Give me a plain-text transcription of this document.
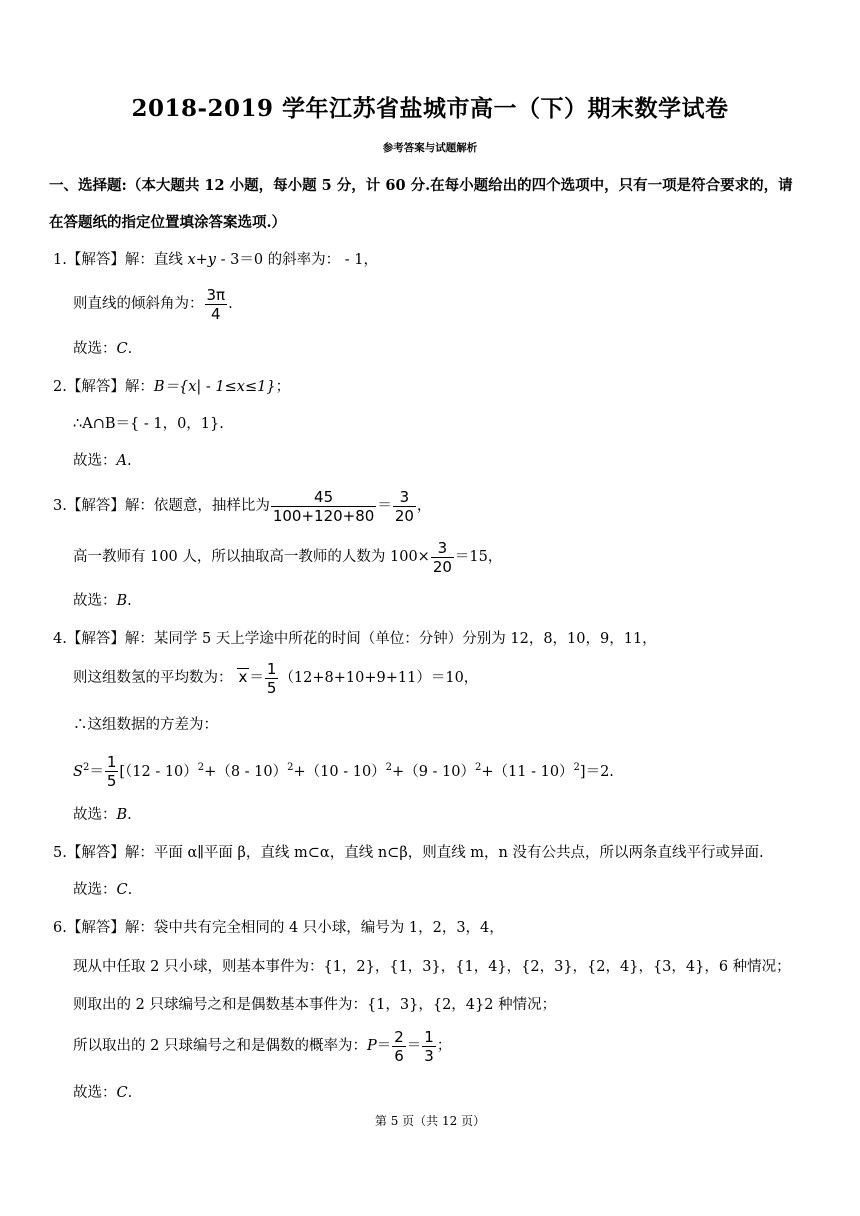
2018-2019 学年江苏省盐城市高一（下）期末数学试卷
参考答案与试题解析
一、选择题:（本大题共 12 小题，每小题 5 分，计 60 分.在每小题给出的四个选项中，只有一项是符合要求的，请
在答题纸的指定位置填涂答案选项.）
1.【解答】解：直线 x+y - 3＝0 的斜率为： - 1，
则直线的倾斜角为： $\frac{3\pi}{4}$ .
故选：C.
2.【解答】解：B＝{x| - 1≤x≤1}；
∴A∩B＝{ - 1，0，1}.
故选：A.
3.【解答】解：依题意，抽样比为 $\frac{45}{100+120+80} = \frac{3}{20}$ ，
高一教师有 100 人，所以抽取高一教师的人数为 $100\times \frac{3}{20} =15$，
故选：B.
4.【解答】解：某同学 5 天上学途中所花的时间（单位：分钟）分别为 12，8，10，9，11，
则这组数氢的平均数为： $x = \frac{1}{5} (12+8+10+9+11)=10$，
∴这组数据的方差为：
$S^2= \frac{1}{5} [(12 - 10)^2+(8 - 10)^2+(10 - 10)^2+(9 - 10)^2+(11 - 10)^2]=2$.
故选：B.
5.【解答】解：平面 α∥平面 β，直线 m⊂α，直线 n⊂β，则直线 m，n 没有公共点，所以两条直线平行或异面.
故选：C.
6.【解答】解：袋中共有完全相同的 4 只小球，编号为 1，2，3，4，
现从中任取 2 只小球，则基本事件为：{1，2}，{1，3}，{1，4}，{2，3}，{2，4}，{3，4}，6 种情况；
则取出的 2 只球编号之和是偶数基本事件为：{1，3}，{2，4}2 种情况；
所以取出的 2 只球编号之和是偶数的概率为：$P= \frac{2}{6} = \frac{1}{3}$ ；
故选：C.
第 5 页（共 12 页）
